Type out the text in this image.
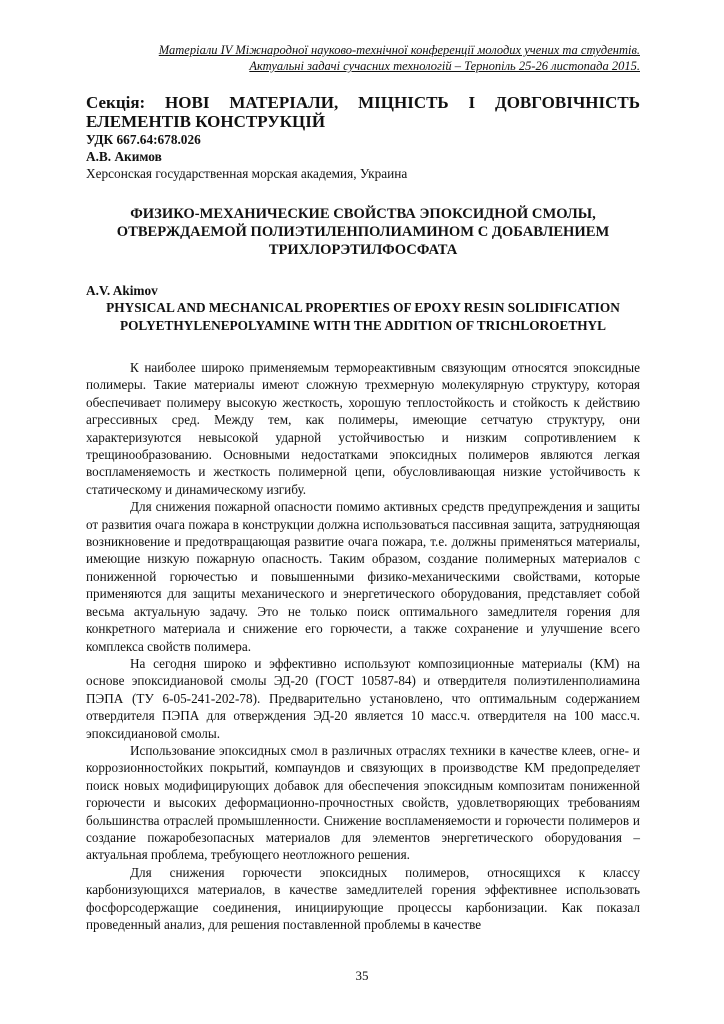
Матеріали IV Міжнародної науково-технічної конференції молодих учених та студентів.
Актуальні задачі сучасних технологій – Тернопіль 25-26 листопада 2015.
Секція: НОВІ МАТЕРІАЛИ, МІЦНІСТЬ І ДОВГОВІЧНІСТЬ ЕЛЕМЕНТІВ КОНСТРУКЦІЙ
УДК 667.64:678.026
А.В. Акимов
Херсонская государственная морская академия, Украина
ФИЗИКО-МЕХАНИЧЕСКИЕ СВОЙСТВА ЭПОКСИДНОЙ СМОЛЫ, ОТВЕРЖДАЕМОЙ ПОЛИЭТИЛЕНПОЛИАМИНОМ С ДОБАВЛЕНИЕМ ТРИХЛОРЭТИЛФОСФАТА
A.V. Akimov
PHYSICAL AND MECHANICAL PROPERTIES OF EPOXY RESIN SOLIDIFICATION POLYETHYLENEPOLYAMINE WITH THE ADDITION OF TRICHLOROETHYL

К наиболее широко применяемым термореактивным связующим относятся эпоксидные полимеры. Такие материалы имеют сложную трехмерную молекулярную структуру, которая обеспечивает полимеру высокую жесткость, хорошую теплостойкость и стойкость к действию агрессивных сред. Между тем, как полимеры, имеющие сетчатую структуру, они характеризуются невысокой ударной устойчивостью и низким сопротивлением к трещинообразованию. Основными недостатками эпоксидных полимеров являются легкая воспламеняемость и жесткость полимерной цепи, обусловливающая низкие устойчивость к статическому и динамическому изгибу.

Для снижения пожарной опасности помимо активных средств предупреждения и защиты от развития очага пожара в конструкции должна использоваться пассивная защита, затрудняющая возникновение и предотвращающая развитие очага пожара, т.е. должны применяться материалы, имеющие низкую пожарную опасность. Таким образом, создание полимерных материалов с пониженной горючестью и повышенными физико-механическими свойствами, которые применяются для защиты механического и энергетического оборудования, представляет собой весьма актуальную задачу. Это не только поиск оптимального замедлителя горения для конкретного материала и снижение его горючести, а также сохранение и улучшение всего комплекса свойств полимера.

На сегодня широко и эффективно используют композиционные материалы (КМ) на основе эпоксидиановой смолы ЭД-20 (ГОСТ 10587-84) и отвердителя полиэтиленполиамина ПЭПА (ТУ 6-05-241-202-78). Предварительно установлено, что оптимальным содержанием отвердителя ПЭПА для отверждения ЭД-20 является 10 масс.ч. отвердителя на 100 масс.ч. эпоксидиановой смолы.

Использование эпоксидных смол в различных отраслях техники в качестве клеев, огне- и коррозионностойких покрытий, компаундов и связующих в производстве КМ предопределяет поиск новых модифицирующих добавок для обеспечения эпоксидным композитам пониженной горючести и высоких деформационно-прочностных свойств, удовлетворяющих требованиям большинства отраслей промышленности. Снижение воспламеняемости и горючести полимеров и создание пожаробезопасных материалов для элементов энергетического оборудования – актуальная проблема, требующего неотложного решения.

Для снижения горючести эпоксидных полимеров, относящихся к классу карбонизующихся материалов, в качестве замедлителей горения эффективнее использовать фосфорсодержащие соединения, инициирующие процессы карбонизации. Как показал проведенный анализ, для решения поставленной проблемы в качестве

35
